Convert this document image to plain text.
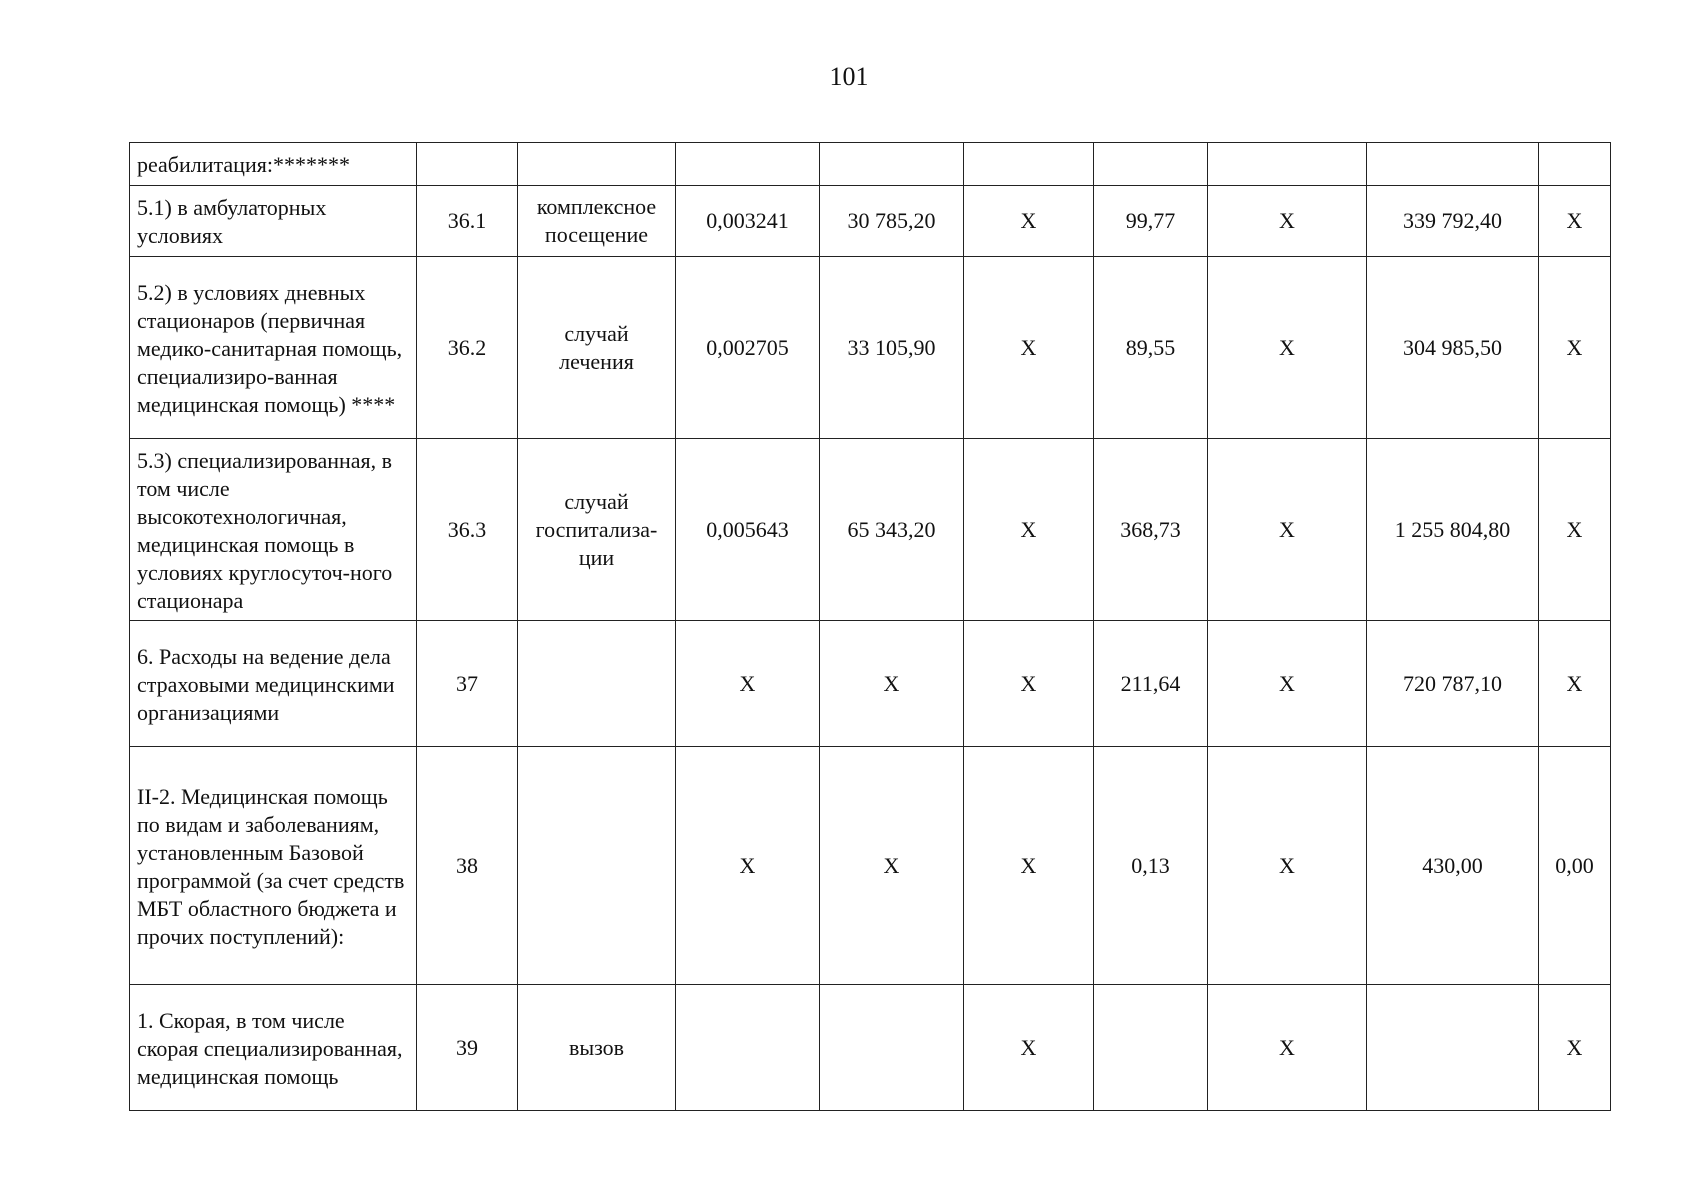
101
реабилитация:*******									
5.1) в амбулаторных условиях	36.1	комплексное посещение	0,003241	30 785,20	X	99,77	X	339 792,40	X
5.2) в условиях дневных стационаров (первичная медико-санитарная помощь, специализиро-ванная медицинская помощь) ****	36.2	случай лечения	0,002705	33 105,90	X	89,55	X	304 985,50	X
5.3) специализированная, в том числе высокотехнологичная, медицинская помощь в условиях круглосуточ-ного стационара	36.3	случай госпитализа-ции	0,005643	65 343,20	X	368,73	X	1 255 804,80	X
6. Расходы на ведение дела страховыми медицинскими организациями	37		X	X	X	211,64	X	720 787,10	X
II-2. Медицинская помощь по видам и заболеваниям, установленным Базовой программой (за счет средств МБТ областного бюджета и прочих поступлений):	38		X	X	X	0,13	X	430,00	0,00
1. Скорая, в том числе скорая специализированная, медицинская помощь	39	вызов			X		X		X
